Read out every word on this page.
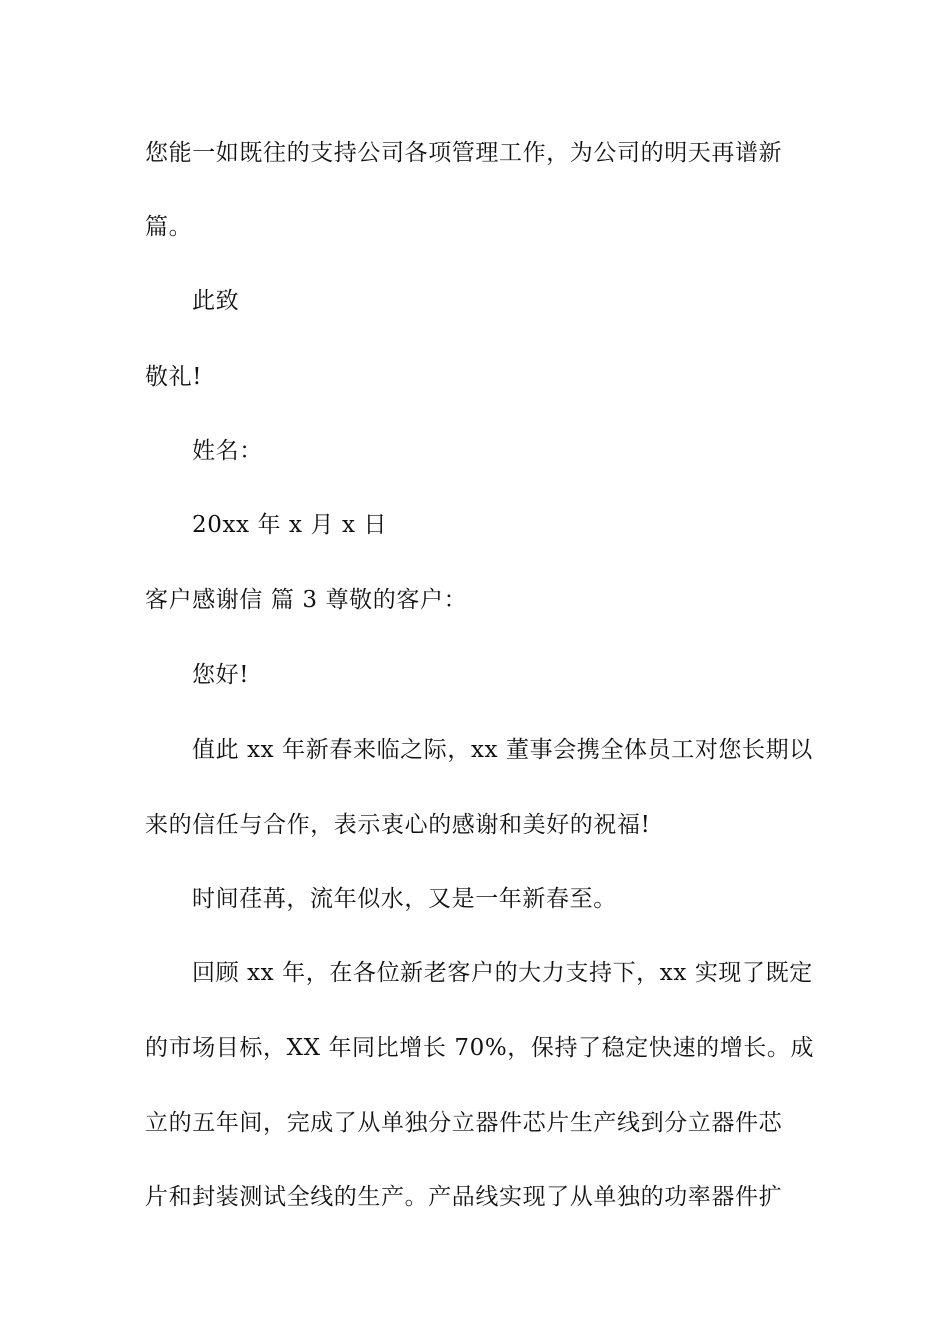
您能一如既往的支持公司各项管理工作，为公司的明天再谱新
篇。
此致
敬礼!
姓名：
20xx 年 x 月 x 日
客户感谢信 篇 3 尊敬的客户：
您好!
值此 xx 年新春来临之际，xx 董事会携全体员工对您长期以
来的信任与合作，表示衷心的感谢和美好的祝福!
时间荏苒，流年似水，又是一年新春至。
回顾 xx 年，在各位新老客户的大力支持下，xx 实现了既定
的市场目标，XX 年同比增长 70%，保持了稳定快速的增长。成
立的五年间，完成了从单独分立器件芯片生产线到分立器件芯
片和封装测试全线的生产。产品线实现了从单独的功率器件扩
